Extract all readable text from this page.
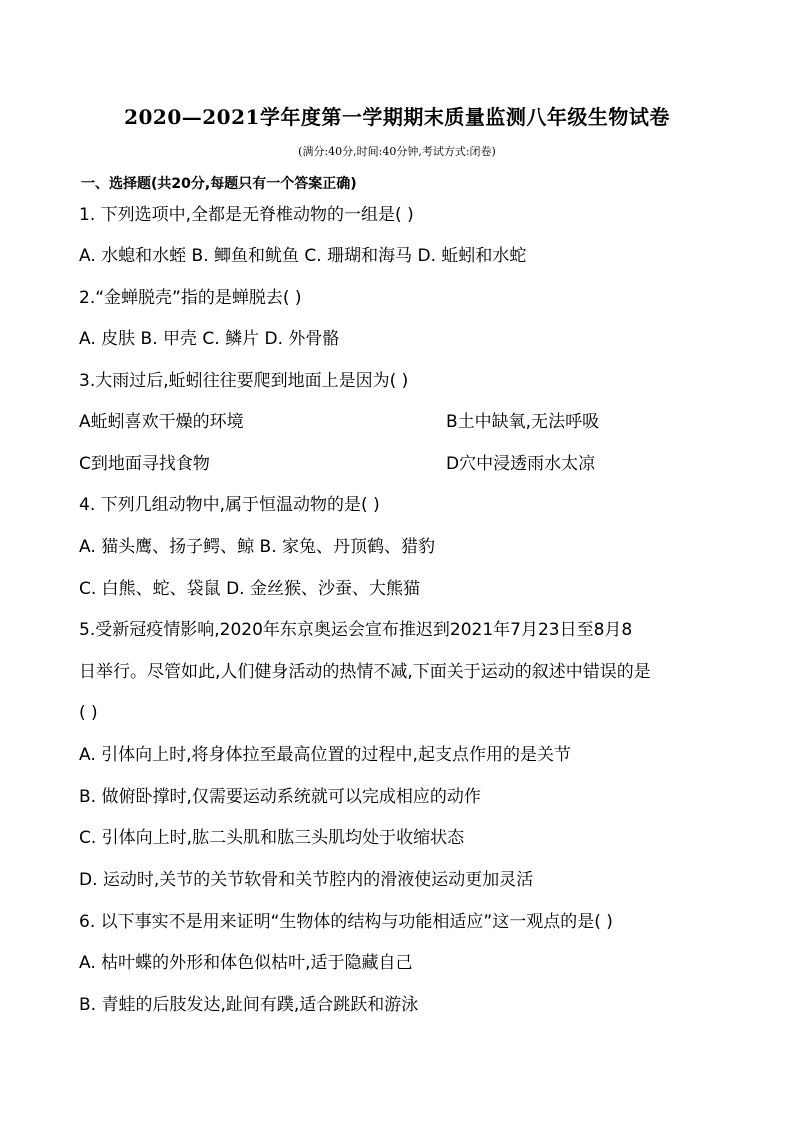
2020—2021学年度第一学期期末质量监测八年级生物试卷
(满分:40分,时间:40分钟,考试方式:闭卷)
一、选择题(共20分,每题只有一个答案正确)
1. 下列选项中,全都是无脊椎动物的一组是( )
A. 水螅和水蛭 B. 鲫鱼和鱿鱼 C. 珊瑚和海马 D. 蚯蚓和水蛇
2.“金蝉脱壳”指的是蝉脱去( )
A. 皮肤 B. 甲壳 C. 鳞片 D. 外骨骼
3.大雨过后,蚯蚓往往要爬到地面上是因为( )
A蚯蚓喜欢干燥的环境	B土中缺氧,无法呼吸
C到地面寻找食物	D穴中浸透雨水太凉
4. 下列几组动物中,属于恒温动物的是( )
A. 猫头鹰、扬子鳄、鲸 B. 家兔、丹顶鹤、猎豹
C. 白熊、蛇、袋鼠 D. 金丝猴、沙蚕、大熊猫
5.受新冠疫情影响,2020年东京奥运会宣布推迟到2021年7月23日至8月8
日举行。尽管如此,人们健身活动的热情不减,下面关于运动的叙述中错误的是
( )
A. 引体向上时,将身体拉至最高位置的过程中,起支点作用的是关节
B. 做俯卧撑时,仅需要运动系统就可以完成相应的动作
C. 引体向上时,肱二头肌和肱三头肌均处于收缩状态
D. 运动时,关节的关节软骨和关节腔内的滑液使运动更加灵活
6. 以下事实不是用来证明“生物体的结构与功能相适应”这一观点的是( )
A. 枯叶蝶的外形和体色似枯叶,适于隐藏自己
B. 青蛙的后肢发达,趾间有蹼,适合跳跃和游泳
